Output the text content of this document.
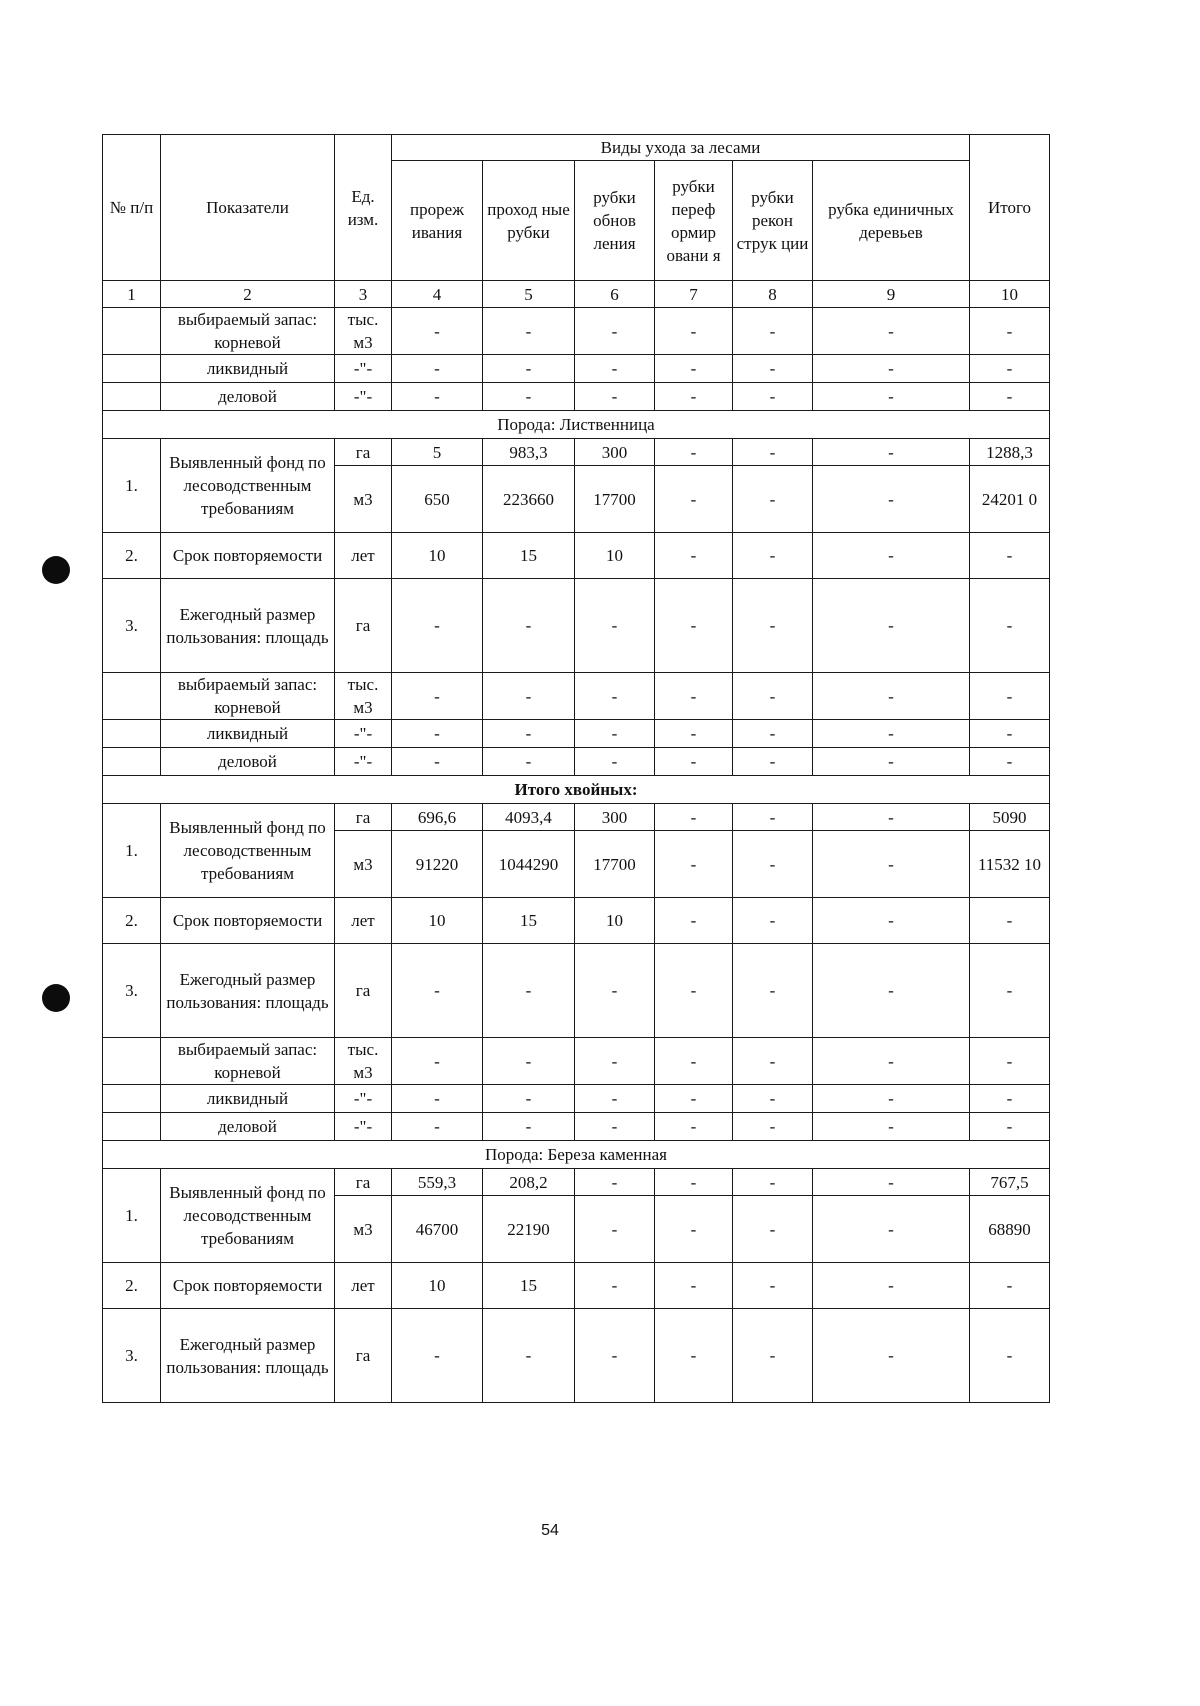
№ п/п	Показатели	Ед. изм.	Виды ухода за лесами						Итого
			прореж ивания	проход ные рубки	рубки обнов ления	рубки переф ормир овани я	рубки рекон струк ции	рубка единичных деревьев	
1	2	3	4	5	6	7	8	9	10
	выбираемый запас: корневой	тыс. м3	-	-	-	-	-	-	-
	ликвидный	-"-	-	-	-	-	-	-	-
	деловой	-"-	-	-	-	-	-	-	-
Порода: Лиственница									
1.	Выявленный фонд по лесоводственным требованиям	га	5	983,3	300	-	-	-	1288,3
		м3	650	223660	17700	-	-	-	24201 0
2.	Срок повторяемости	лет	10	15	10	-	-	-	-
3.	Ежегодный размер пользования: площадь	га	-	-	-	-	-	-	-
	выбираемый запас: корневой	тыс. м3	-	-	-	-	-	-	-
	ликвидный	-"-	-	-	-	-	-	-	-
	деловой	-"-	-	-	-	-	-	-	-
Итого хвойных:									
1.	Выявленный фонд по лесоводственным требованиям	га	696,6	4093,4	300	-	-	-	5090
		м3	91220	1044290	17700	-	-	-	11532 10
2.	Срок повторяемости	лет	10	15	10	-	-	-	-
3.	Ежегодный размер пользования: площадь	га	-	-	-	-	-	-	-
	выбираемый запас: корневой	тыс. м3	-	-	-	-	-	-	-
	ликвидный	-"-	-	-	-	-	-	-	-
	деловой	-"-	-	-	-	-	-	-	-
Порода: Береза каменная									
1.	Выявленный фонд по лесоводственным требованиям	га	559,3	208,2	-	-	-	-	767,5
		м3	46700	22190	-	-	-	-	68890
2.	Срок повторяемости	лет	10	15	-	-	-	-	-
3.	Ежегодный размер пользования: площадь	га	-	-	-	-	-	-	-
54
